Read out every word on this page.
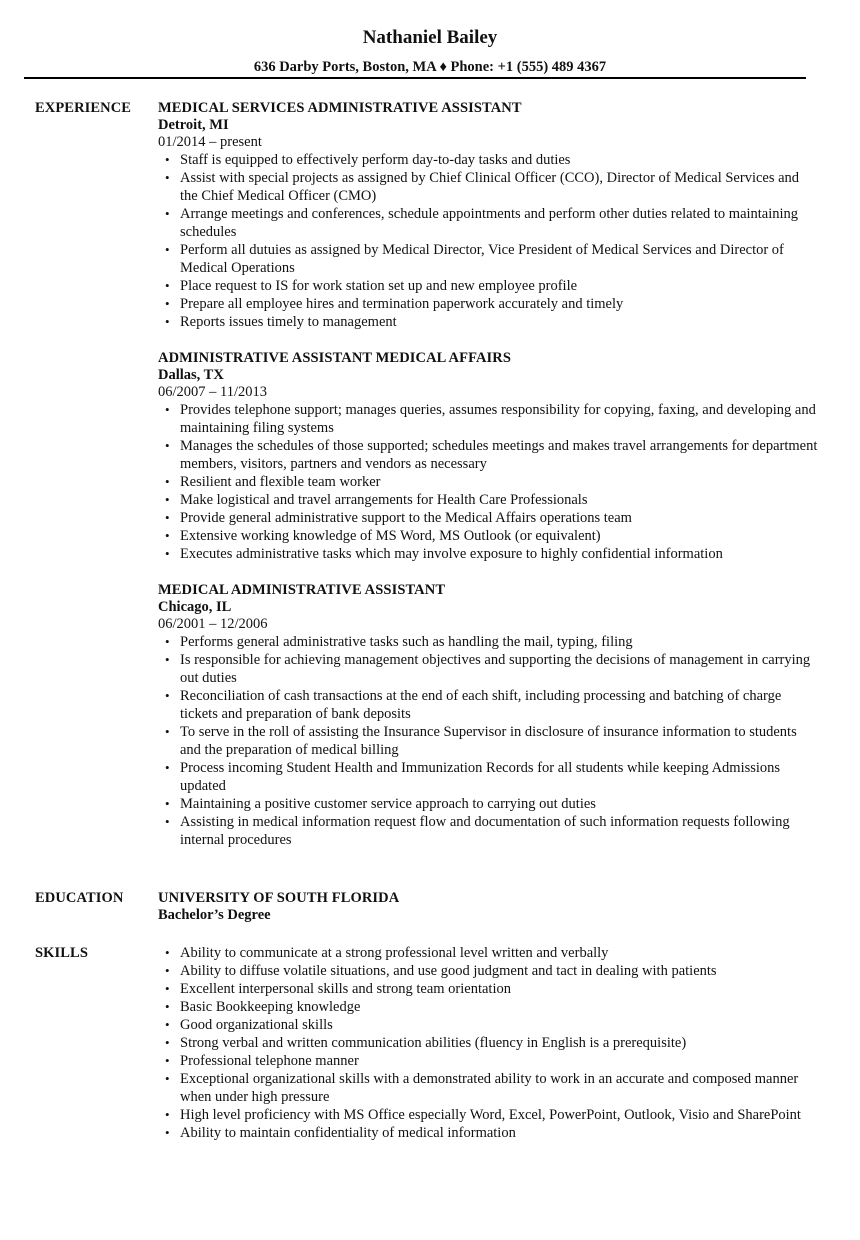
Nathaniel Bailey
636 Darby Ports, Boston, MA ♦ Phone: +1 (555) 489 4367
EXPERIENCE MEDICAL SERVICES ADMINISTRATIVE ASSISTANT
Detroit, MI
01/2014 – present
• Staff is equipped to effectively perform day-to-day tasks and duties
• Assist with special projects as assigned by Chief Clinical Officer (CCO), Director of Medical Services and the Chief Medical Officer (CMO)
• Arrange meetings and conferences, schedule appointments and perform other duties related to maintaining schedules
• Perform all dutuies as assigned by Medical Director, Vice President of Medical Services and Director of Medical Operations
• Place request to IS for work station set up and new employee profile
• Prepare all employee hires and termination paperwork accurately and timely
• Reports issues timely to management
ADMINISTRATIVE ASSISTANT MEDICAL AFFAIRS
Dallas, TX
06/2007 – 11/2013
• Provides telephone support; manages queries, assumes responsibility for copying, faxing, and developing and maintaining filing systems
• Manages the schedules of those supported; schedules meetings and makes travel arrangements for department members, visitors, partners and vendors as necessary
• Resilient and flexible team worker
• Make logistical and travel arrangements for Health Care Professionals
• Provide general administrative support to the Medical Affairs operations team
• Extensive working knowledge of MS Word, MS Outlook (or equivalent)
• Executes administrative tasks which may involve exposure to highly confidential information
MEDICAL ADMINISTRATIVE ASSISTANT
Chicago, IL
06/2001 – 12/2006
• Performs general administrative tasks such as handling the mail, typing, filing
• Is responsible for achieving management objectives and supporting the decisions of management in carrying out duties
• Reconciliation of cash transactions at the end of each shift, including processing and batching of charge tickets and preparation of bank deposits
• To serve in the roll of assisting the Insurance Supervisor in disclosure of insurance information to students and the preparation of medical billing
• Process incoming Student Health and Immunization Records for all students while keeping Admissions updated
• Maintaining a positive customer service approach to carrying out duties
• Assisting in medical information request flow and documentation of such information requests following internal procedures
EDUCATION UNIVERSITY OF SOUTH FLORIDA
Bachelor’s Degree
SKILLS	• Ability to communicate at a strong professional level written and verbally
• Ability to diffuse volatile situations, and use good judgment and tact in dealing with patients
• Excellent interpersonal skills and strong team orientation
• Basic Bookkeeping knowledge
• Good organizational skills
• Strong verbal and written communication abilities (fluency in English is a prerequisite)
• Professional telephone manner
• Exceptional organizational skills with a demonstrated ability to work in an accurate and composed manner when under high pressure
• High level proficiency with MS Office especially Word, Excel, PowerPoint, Outlook, Visio and SharePoint
• Ability to maintain confidentiality of medical information
